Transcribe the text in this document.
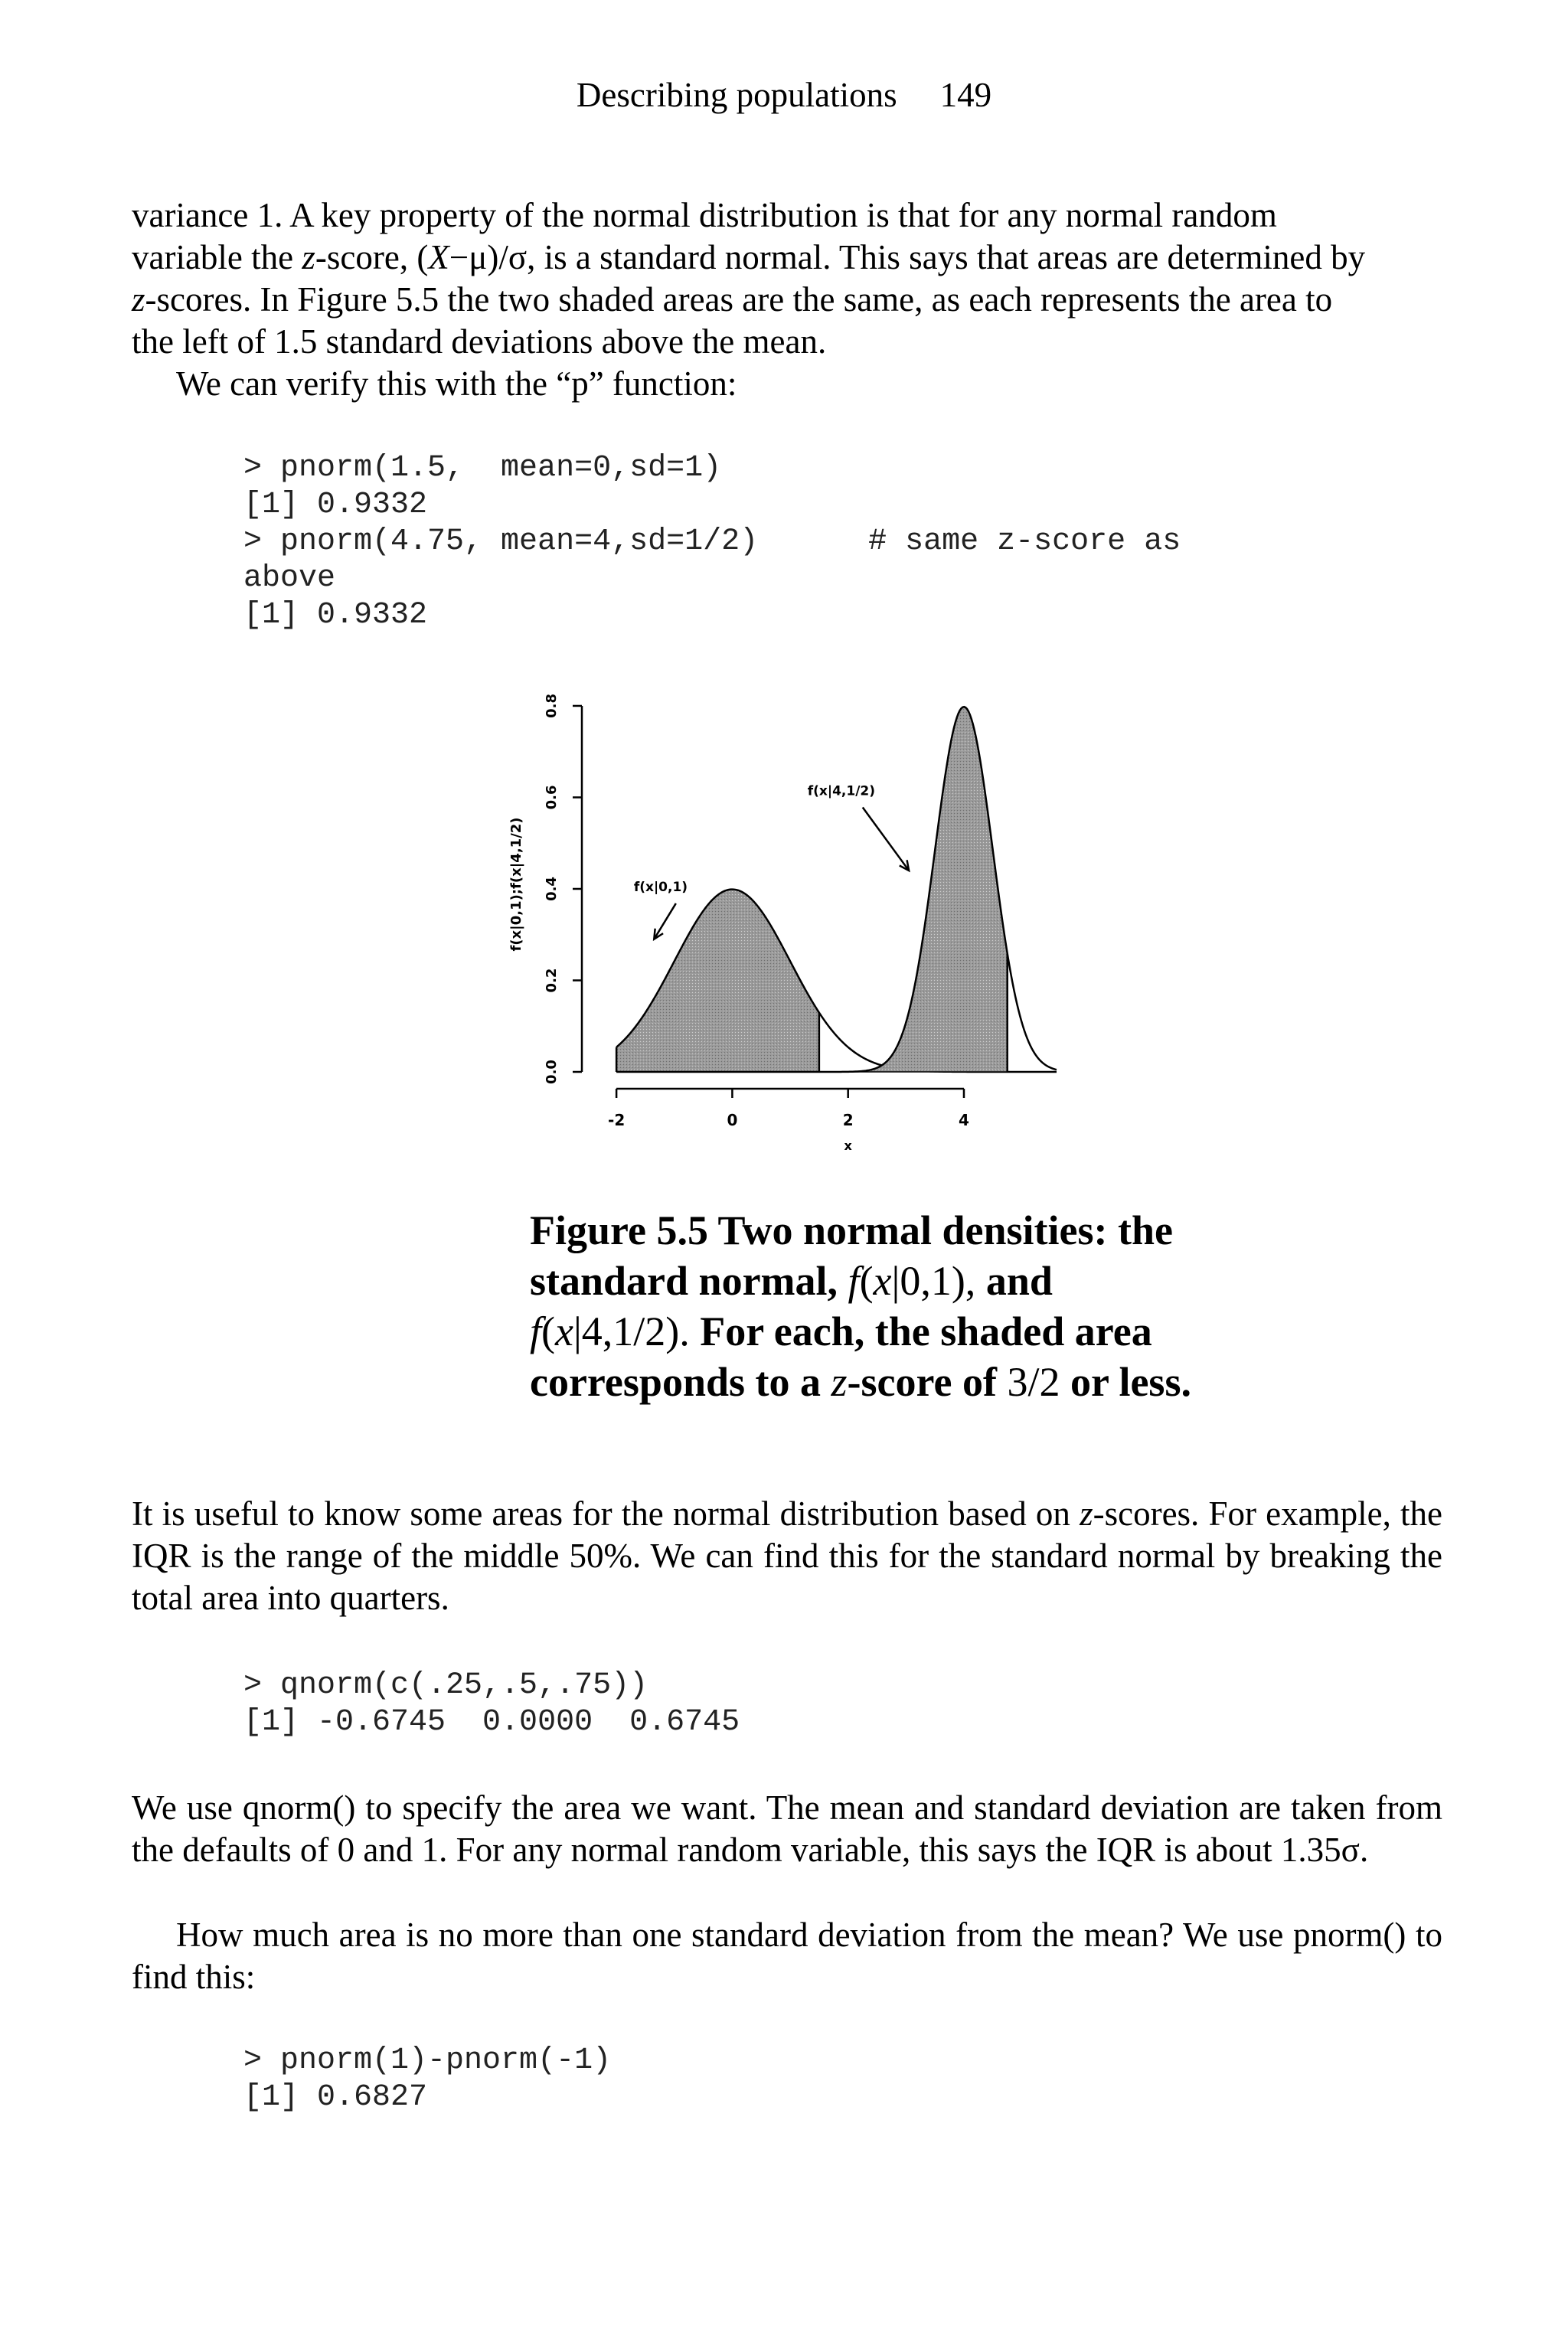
Describing populations 149
variance 1. A key property of the normal distribution is that for any normal random
variable the z-score, (X−μ)/σ, is a standard normal. This says that areas are determined by
z-scores. In Figure 5.5 the two shaded areas are the same, as each represents the area to
the left of 1.5 standard deviations above the mean.

We can verify this with the “p” function:

> pnorm(1.5,  mean=0,sd=1)
[1] 0.9332
> pnorm(4.75, mean=4,sd=1/2)      # same z-score as
above
[1] 0.9332
-2	0	2	4
0.0
0.2
0.4
0.6
0.8
x
f(x|0,1);f(x|4,1/2)	f(x|0,1)
f(x|4,1/2)

Figure 5.5 Two normal densities: the standard normal, f(x|0,1), and
f(x|4,1/2). For each, the shaded area corresponds to a z-score of 3/2 or less.

It is useful to know some areas for the normal distribution based on z-scores. For example, the IQR is the range of the middle 50%. We can find this for the standard normal by breaking the total area into quarters.
> qnorm(c(.25,.5,.75))
[1] -0.6745  0.0000  0.6745

We use qnorm() to specify the area we want. The mean and standard deviation are taken from the defaults of 0 and 1. For any normal random variable, this says the IQR is about 1.35σ.

How much area is no more than one standard deviation from the mean? We use pnorm() to find this:

> pnorm(1)-pnorm(-1)
[1] 0.6827
